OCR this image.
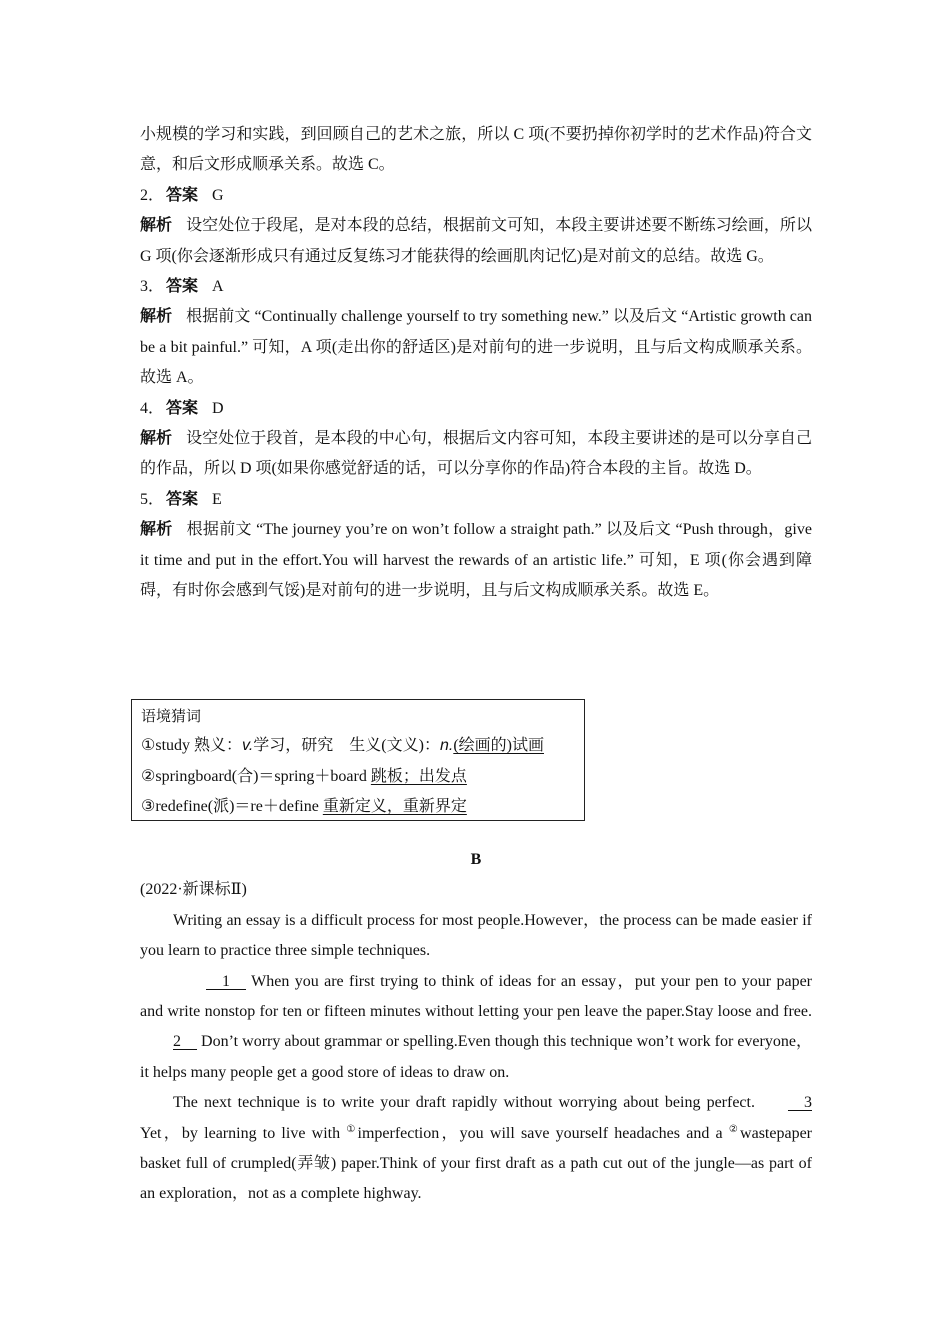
小规模的学习和实践，到回顾自己的艺术之旅，所以 C 项(不要扔掉你初学时的艺术作品)符合文意，和后文形成顺承关系。故选 C。

2． 答案 G

解析 设空处位于段尾，是对本段的总结，根据前文可知，本段主要讲述要不断练习绘画，所以 G 项(你会逐渐形成只有通过反复练习才能获得的绘画肌肉记忆)是对前文的总结。故选 G。

3． 答案 A

解析 根据前文 “Continually challenge yourself to try something new.” 以及后文 “Artistic growth can be a bit painful.” 可知，A 项(走出你的舒适区)是对前句的进一步说明，且与后文构成顺承关系。故选 A。

4． 答案 D

解析 设空处位于段首，是本段的中心句，根据后文内容可知，本段主要讲述的是可以分享自己的作品，所以 D 项(如果你感觉舒适的话，可以分享你的作品)符合本段的主旨。故选 D。

5． 答案 E

解析 根据前文 “The journey you’re on won’t follow a straight path.” 以及后文 “Push through，give it time and put in the effort.You will harvest the rewards of an artistic life.” 可知，E 项(你会遇到障碍，有时你会感到气馁)是对前句的进一步说明，且与后文构成顺承关系。故选 E。

语境猜词

①study 熟义：v.学习，研究　生义(文义)：n.(绘画的)试画

②springboard(合)＝spring＋board 跳板；出发点

③redefine(派)＝re＋define 重新定义，重新界定

B

(2022·新课标Ⅱ)

Writing an essay is a difficult process for most people.However，the process can be made easier if you learn to practice three simple techniques.

　1　 When you are first trying to think of ideas for an essay，put your pen to your paper and write nonstop for ten or fifteen minutes without letting your pen leave the paper.Stay loose and free.2　 Don’t worry about grammar or spelling.Even though this technique won’t work for everyone，it helps many people get a good store of ideas to draw on.

The next technique is to write your draft rapidly without worrying about being perfect.　3 Yet，by learning to live with ①imperfection，you will save yourself headaches and a ②wastepaper basket full of crumpled(弄皱) paper.Think of your first draft as a path cut out of the jungle—as part of an exploration，not as a complete highway.
